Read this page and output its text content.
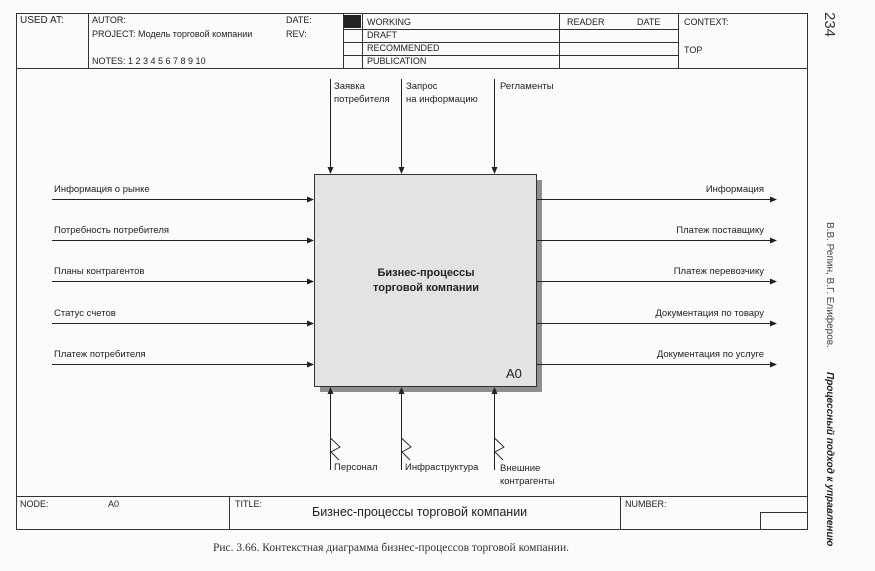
USED AT:	AUTOR:
PROJECT: Модель торговой компании
NOTES: 1 2 3 4 5 6 7 8 9 10
DATE:
REV:
WORKING
DRAFT
RECOMMENDED
PUBLICATION
READER	DATE	CONTEXT:
TOP
Бизнес-процессы
торговой компании
A0
Заявка
потребителя
Запрос
на информацию
Регламенты
Информация о рынке
Потребность потребителя
Планы контрагентов
Статус счетов
Платеж потребителя
Информация
Платеж поставщику
Платеж перевозчику
Документация по товару
Документация по услуге
Персонал	Инфраструктура Внешние
контрагенты
NODE:	A0	TITLE:
Бизнес-процессы торговой компании
NUMBER:
Рис. 3.66. Контекстная диаграмма бизнес-процессов торговой компании.
234
В.В. Репин, В.Г. Елиферов.
Процессный подход к управлению
